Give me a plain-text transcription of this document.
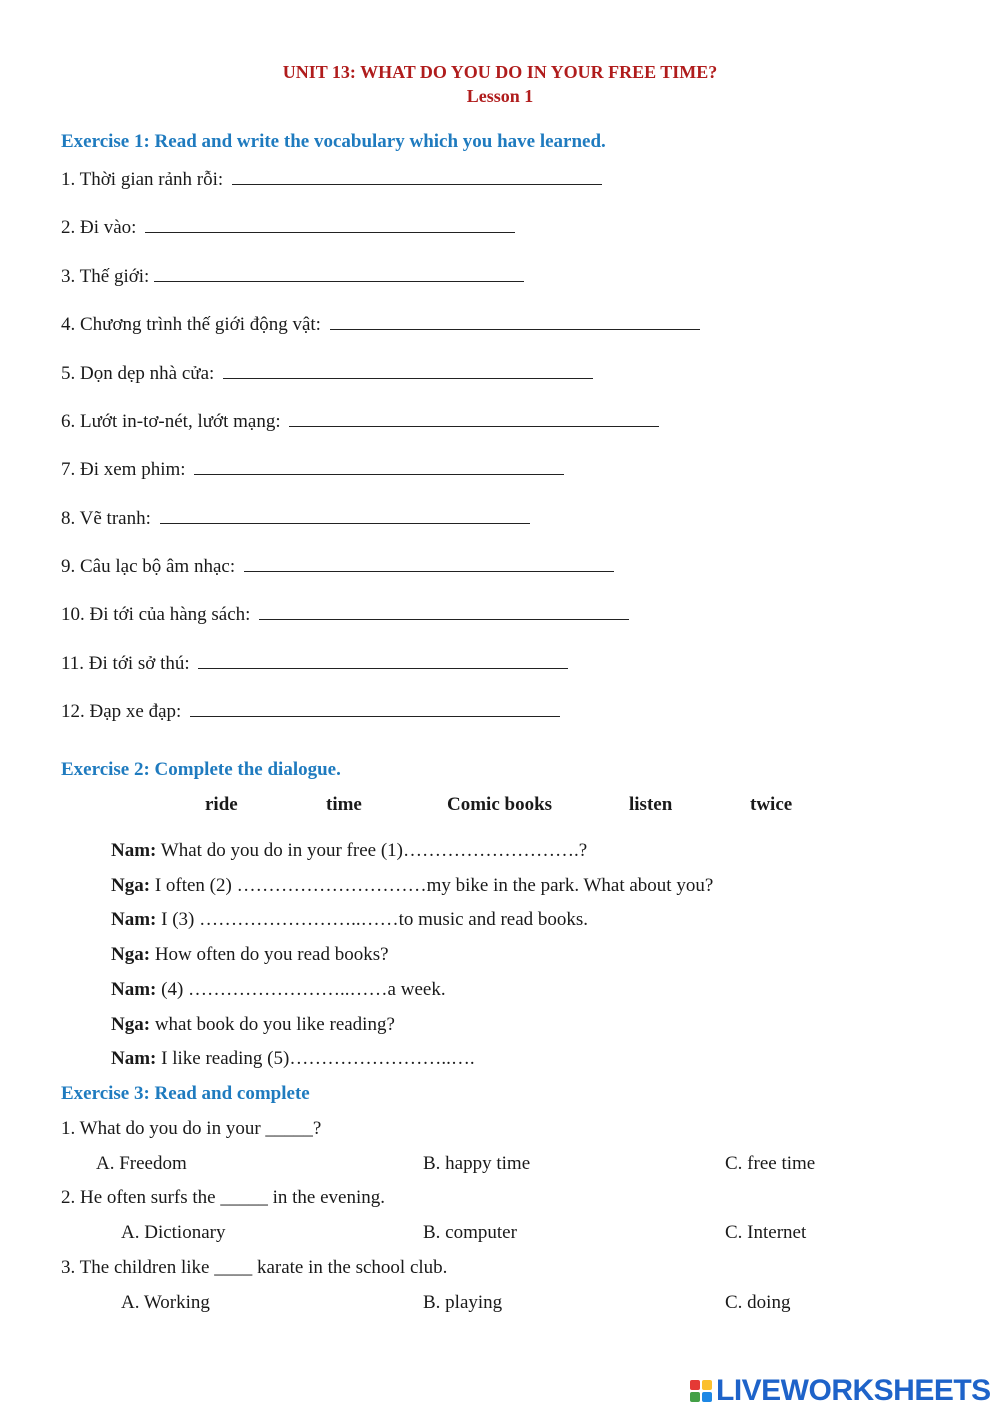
UNIT 13: WHAT DO YOU DO IN YOUR FREE TIME?
Lesson 1
Exercise 1: Read and write the vocabulary which you have learned.
1. Thời gian rảnh rỗi:
2. Đi vào:
3. Thế giới:
4. Chương trình thế giới động vật:
5. Dọn dẹp nhà cửa:
6. Lướt in-tơ-nét, lướt mạng:
7. Đi xem phim:
8. Vẽ tranh:
9. Câu lạc bộ âm nhạc:
10. Đi tới của hàng sách:
11. Đi tới sở thú:
12. Đạp xe đạp:
Exercise 2: Complete the dialogue.
ride	time	Comic books	listen	twice
Nam: What do you do in your free (1)……………………….?
Nga: I often (2) …………………………my bike in the park. What about you?
Nam: I (3) ……………………..……to music and read books.
Nga: How often do you read books?
Nam: (4) ……………………..……a week.
Nga: what book do you like reading?
Nam: I like reading (5)……………………..….
Exercise 3: Read and complete
1. What do you do in your _____?
A. Freedom	B. happy time	C. free time
2. He often surfs the _____ in the evening.
A. Dictionary	B. computer	C. Internet
3. The children like ____ karate in the school club.
A. Working	B. playing	C. doing
LIVEWORKSHEETS
